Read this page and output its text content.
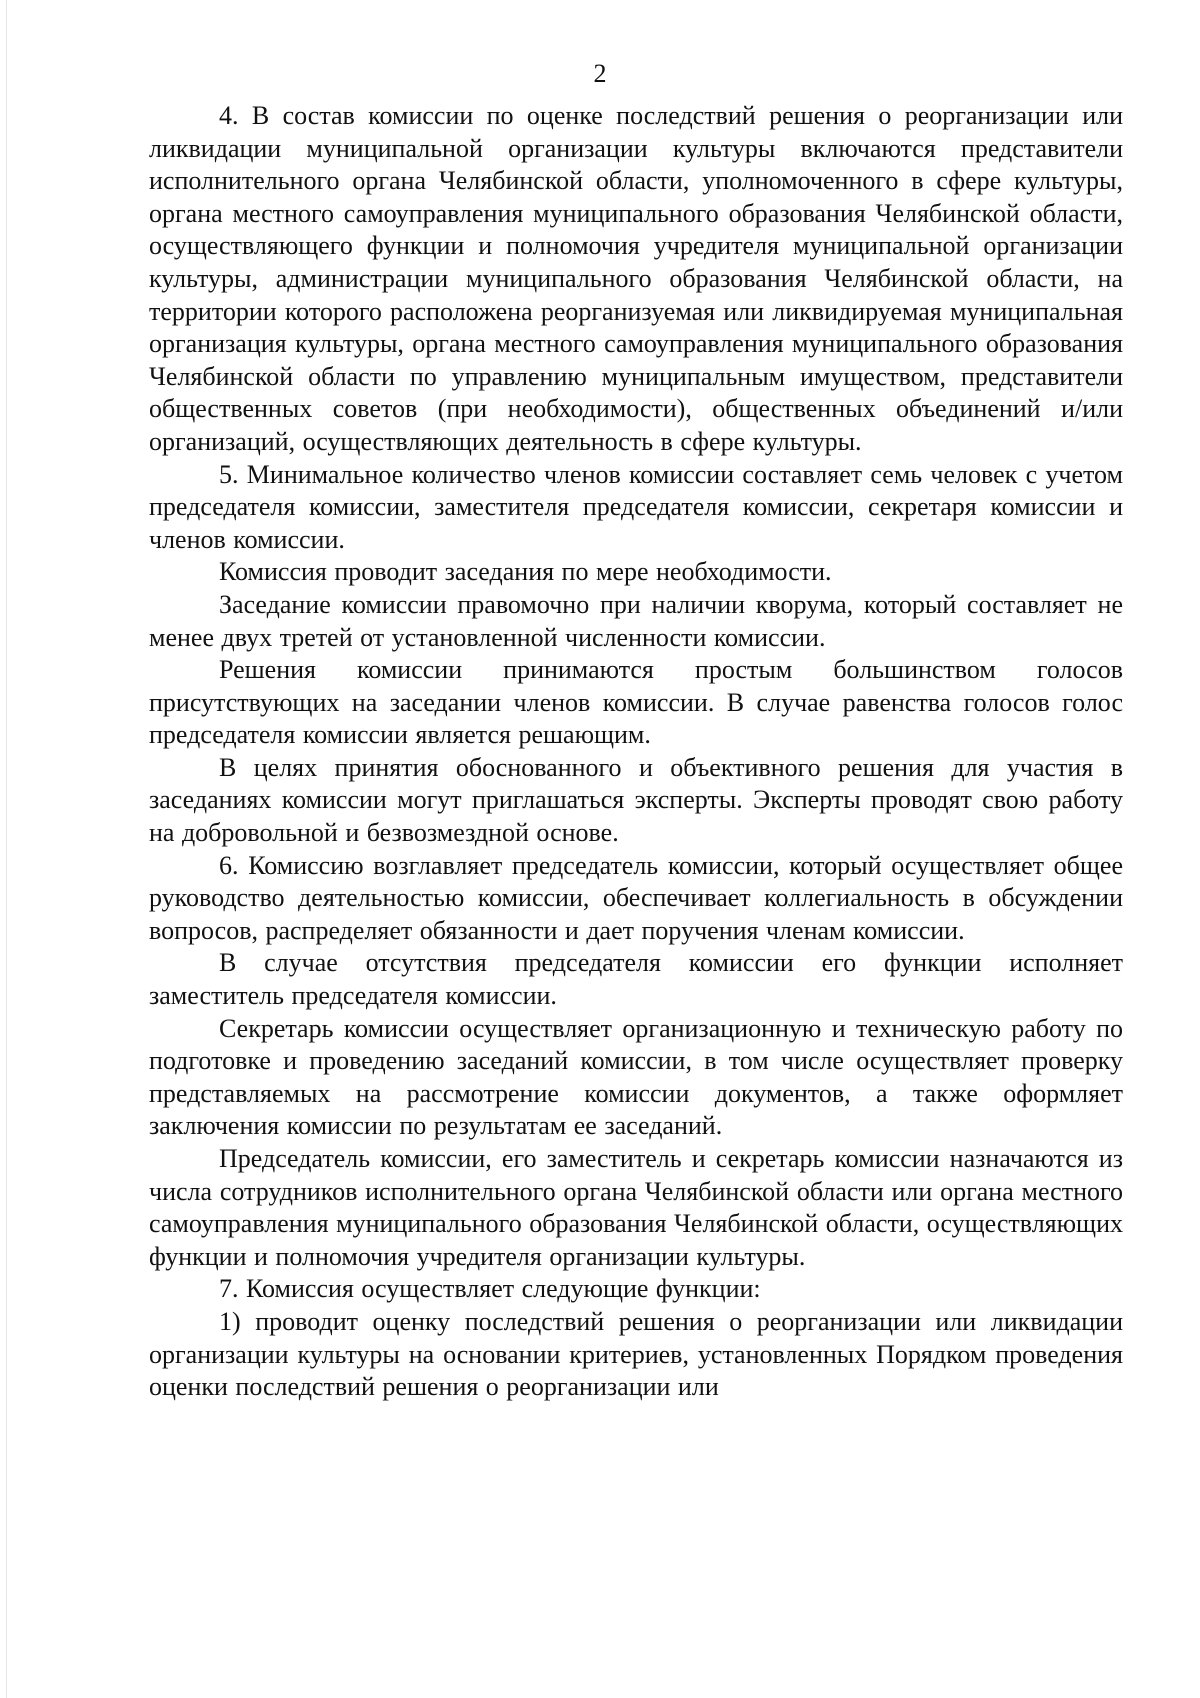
2

4. В состав комиссии по оценке последствий решения о реорганизации или ликвидации муниципальной организации культуры включаются представители исполнительного органа Челябинской области, уполномоченного в сфере культуры, органа местного самоуправления муниципального образования Челябинской области, осуществляющего функции и полномочия учредителя муниципальной организации культуры, администрации муниципального образования Челябинской области, на территории которого расположена реорганизуемая или ликвидируемая муниципальная организация культуры, органа местного самоуправления муниципального образования Челябинской области по управлению муниципальным имуществом, представители общественных советов (при необходимости), общественных объединений и/или организаций, осуществляющих деятельность в сфере культуры.

5. Минимальное количество членов комиссии составляет семь человек с учетом председателя комиссии, заместителя председателя комиссии, секретаря комиссии и членов комиссии.

Комиссия проводит заседания по мере необходимости.

Заседание комиссии правомочно при наличии кворума, который составляет не менее двух третей от установленной численности комиссии.

Решения комиссии принимаются простым большинством голосов присутствующих на заседании членов комиссии. В случае равенства голосов голос председателя комиссии является решающим.

В целях принятия обоснованного и объективного решения для участия в заседаниях комиссии могут приглашаться эксперты. Эксперты проводят свою работу на добровольной и безвозмездной основе.

6. Комиссию возглавляет председатель комиссии, который осуществляет общее руководство деятельностью комиссии, обеспечивает коллегиальность в обсуждении вопросов, распределяет обязанности и дает поручения членам комиссии.

В случае отсутствия председателя комиссии его функции исполняет заместитель председателя комиссии.

Секретарь комиссии осуществляет организационную и техническую работу по подготовке и проведению заседаний комиссии, в том числе осуществляет проверку представляемых на рассмотрение комиссии документов, а также оформляет заключения комиссии по результатам ее заседаний.

Председатель комиссии, его заместитель и секретарь комиссии назначаются из числа сотрудников исполнительного органа Челябинской области или органа местного самоуправления муниципального образования Челябинской области, осуществляющих функции и полномочия учредителя организации культуры.

7. Комиссия осуществляет следующие функции:

1) проводит оценку последствий решения о реорганизации или ликвидации организации культуры на основании критериев, установленных Порядком проведения оценки последствий решения о реорганизации или
